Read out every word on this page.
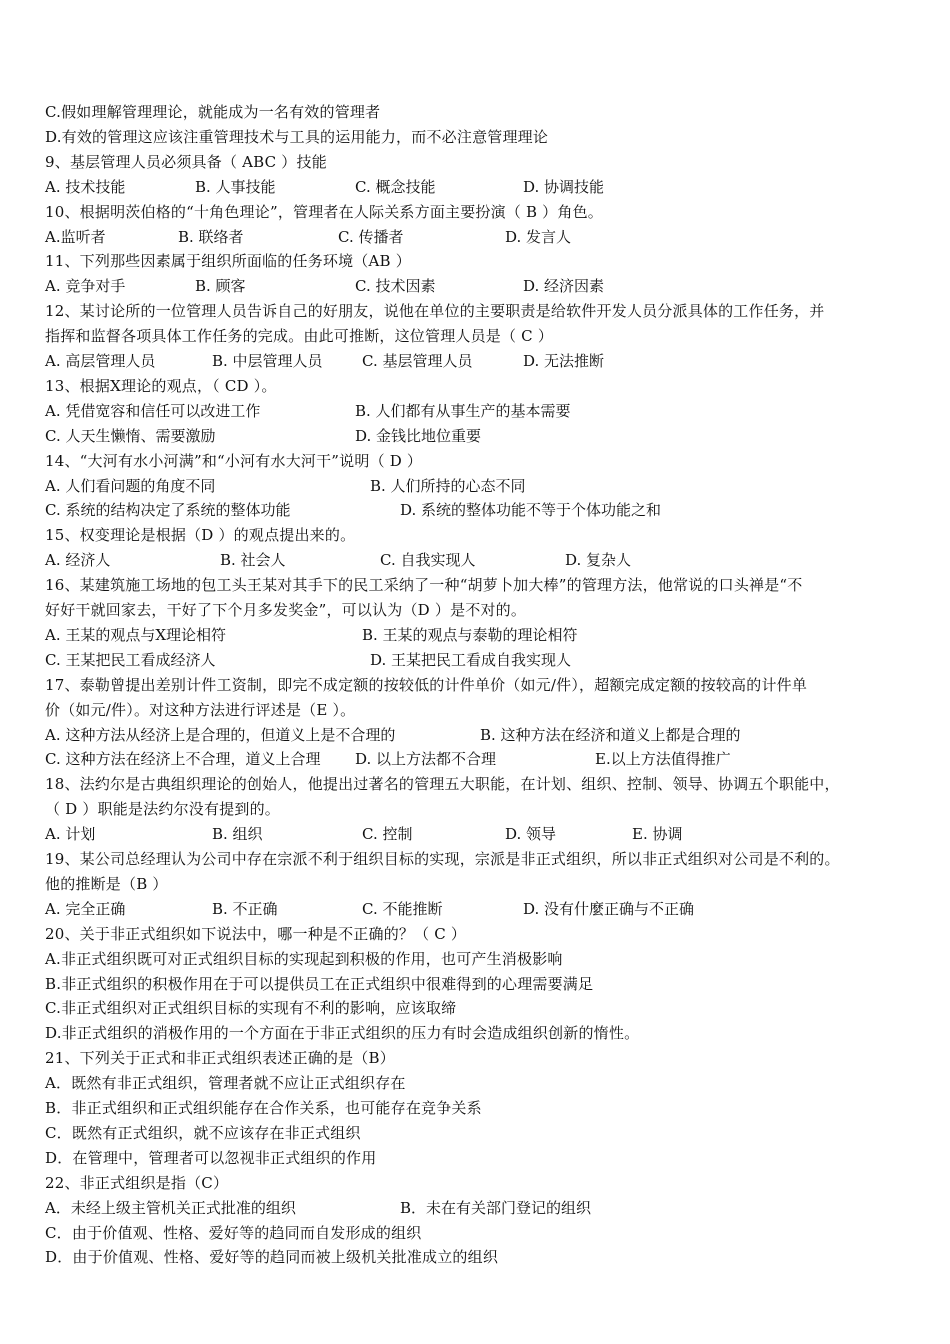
C.假如理解管理理论，就能成为一名有效的管理者
D.有效的管理这应该注重管理技术与工具的运用能力，而不必注意管理理论
9、基层管理人员必须具备（ ABC ）技能
A. 技术技能	B. 人事技能	C. 概念技能	D. 协调技能
10、根据明茨伯格的“十角色理论”，管理者在人际关系方面主要扮演（ B ）角色。
A.监听者	B. 联络者	C. 传播者	D. 发言人
11、下列那些因素属于组织所面临的任务环境（AB ）
A. 竞争对手	B. 顾客	C. 技术因素	D. 经济因素
12、某讨论所的一位管理人员告诉自己的好朋友，说他在单位的主要职责是给软件开发人员分派具体的工作任务，并
指挥和监督各项具体工作任务的完成。由此可推断，这位管理人员是（ C ）
A. 高层管理人员	B. 中层管理人员	C. 基层管理人员	D. 无法推断
13、根据X理论的观点，（ CD ）。
A. 凭借宽容和信任可以改进工作	B. 人们都有从事生产的基本需要
C. 人天生懒惰、需要激励	D. 金钱比地位重要
14、“大河有水小河满”和“小河有水大河干”说明（ D ）
A. 人们看问题的角度不同	B. 人们所持的心态不同
C. 系统的结构决定了系统的整体功能	D. 系统的整体功能不等于个体功能之和
15、权变理论是根据（D ）的观点提出来的。
A. 经济人	B. 社会人	C. 自我实现人	D. 复杂人
16、某建筑施工场地的包工头王某对其手下的民工采纳了一种“胡萝卜加大棒”的管理方法，他常说的口头禅是“不
好好干就回家去，干好了下个月多发奖金”，可以认为（D ）是不对的。
A. 王某的观点与X理论相符	B. 王某的观点与泰勒的理论相符
C. 王某把民工看成经济人	D. 王某把民工看成自我实现人
17、泰勒曾提出差别计件工资制，即完不成定额的按较低的计件单价（如元/件），超额完成定额的按较高的计件单
价（如元/件）。对这种方法进行评述是（E ）。
A. 这种方法从经济上是合理的，但道义上是不合理的	B. 这种方法在经济和道义上都是合理的
C. 这种方法在经济上不合理，道义上合理 D. 以上方法都不合理	E.以上方法值得推广
18、法约尔是古典组织理论的创始人，他提出过著名的管理五大职能，在计划、组织、控制、领导、协调五个职能中，
（ D ）职能是法约尔没有提到的。
A. 计划	B. 组织	C. 控制	D. 领导	E. 协调
19、某公司总经理认为公司中存在宗派不利于组织目标的实现，宗派是非正式组织，所以非正式组织对公司是不利的。
他的推断是（B ）
A. 完全正确	B. 不正确	C. 不能推断	D. 没有什麼正确与不正确
20、关于非正式组织如下说法中，哪一种是不正确的？（ C ）
A.非正式组织既可对正式组织目标的实现起到积极的作用，也可产生消极影响
B.非正式组织的积极作用在于可以提供员工在正式组织中很难得到的心理需要满足
C.非正式组织对正式组织目标的实现有不利的影响，应该取缔
D.非正式组织的消极作用的一个方面在于非正式组织的压力有时会造成组织创新的惰性。
21、下列关于正式和非正式组织表述正确的是（B）
A．既然有非正式组织，管理者就不应让正式组织存在
B．非正式组织和正式组织能存在合作关系，也可能存在竞争关系
C．既然有正式组织，就不应该存在非正式组织
D．在管理中，管理者可以忽视非正式组织的作用
22、非正式组织是指（C）
A．未经上级主管机关正式批准的组织	B．未在有关部门登记的组织
C．由于价值观、性格、爱好等的趋同而自发形成的组织
D．由于价值观、性格、爱好等的趋同而被上级机关批准成立的组织
